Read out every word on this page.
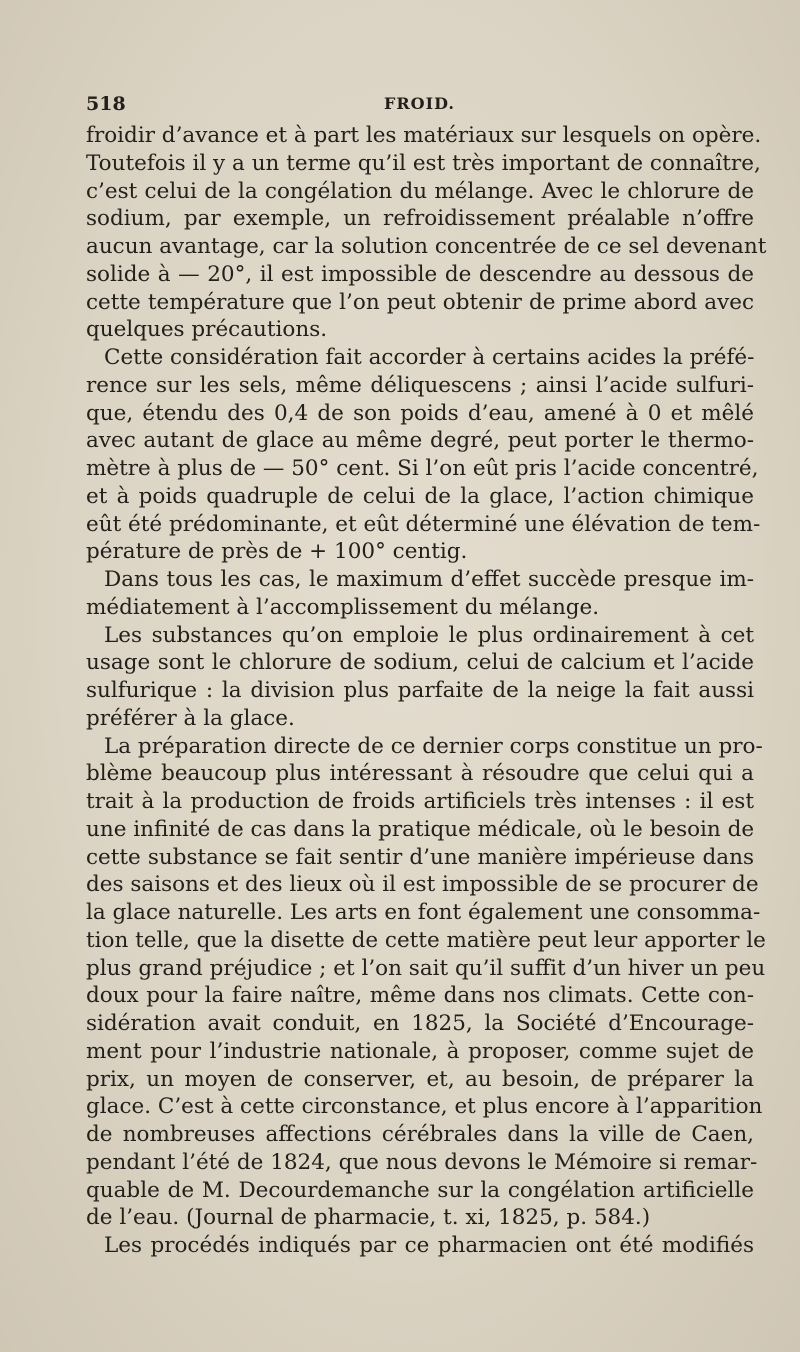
518	FROID.
froidir d’avance et à part les matériaux sur lesquels on opère.
Toutefois il y a un terme qu’il est très important de connaître,
c’est celui de la congélation du mélange. Avec le chlorure de
sodium, par exemple, un refroidissement préalable n’offre
aucun avantage, car la solution concentrée de ce sel devenant
solide à — 20°, il est impossible de descendre au dessous de
cette température que l’on peut obtenir de prime abord avec
quelques précautions.
Cette considération fait accorder à certains acides la préfé-
rence sur les sels, même déliquescens ; ainsi l’acide sulfuri-
que, étendu des 0,4 de son poids d’eau, amené à 0 et mêlé
avec autant de glace au même degré, peut porter le thermo-
mètre à plus de — 50° cent. Si l’on eût pris l’acide concentré,
et à poids quadruple de celui de la glace, l’action chimique
eût été prédominante, et eût déterminé une élévation de tem-
pérature de près de + 100° centig.
Dans tous les cas, le maximum d’effet succède presque im-
médiatement à l’accomplissement du mélange.
Les substances qu’on emploie le plus ordinairement à cet
usage sont le chlorure de sodium, celui de calcium et l’acide
sulfurique : la division plus parfaite de la neige la fait aussi
préférer à la glace.
La préparation directe de ce dernier corps constitue un pro-
blème beaucoup plus intéressant à résoudre que celui qui a
trait à la production de froids artificiels très intenses : il est
une infinité de cas dans la pratique médicale, où le besoin de
cette substance se fait sentir d’une manière impérieuse dans
des saisons et des lieux où il est impossible de se procurer de
la glace naturelle. Les arts en font également une consomma-
tion telle, que la disette de cette matière peut leur apporter le
plus grand préjudice ; et l’on sait qu’il suffit d’un hiver un peu
doux pour la faire naître, même dans nos climats. Cette con-
sidération avait conduit, en 1825, la Société d’Encourage-
ment pour l’industrie nationale, à proposer, comme sujet de
prix, un moyen de conserver, et, au besoin, de préparer la
glace. C’est à cette circonstance, et plus encore à l’apparition
de nombreuses affections cérébrales dans la ville de Caen,
pendant l’été de 1824, que nous devons le Mémoire si remar-
quable de M. Decourdemanche sur la congélation artificielle
de l’eau. (Journal de pharmacie, t. xi, 1825, p. 584.)
Les procédés indiqués par ce pharmacien ont été modifiés
